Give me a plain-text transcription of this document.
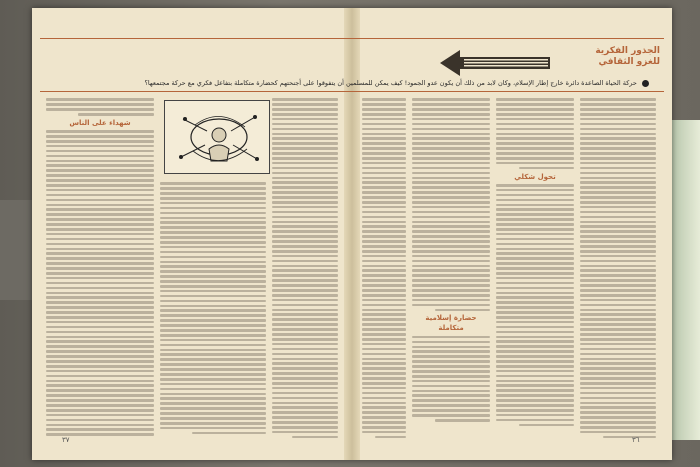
الجذور الفكرية للغزو الثقافي
حركة الحياة الصاعدة دائرة خارج إطار الإسلام، وكان لابد من ذلك أن يكون عدو الجمود! كيف يمكن للمسلمين أن يتفوقوا على أجنحتهم كحضارة متكاملة بتفاعل فكري مع حركة مجتمعها؟
تحول شكلي
حضارة إسلامية متكاملة
شهداء على الناس
٣٧	٣٦
